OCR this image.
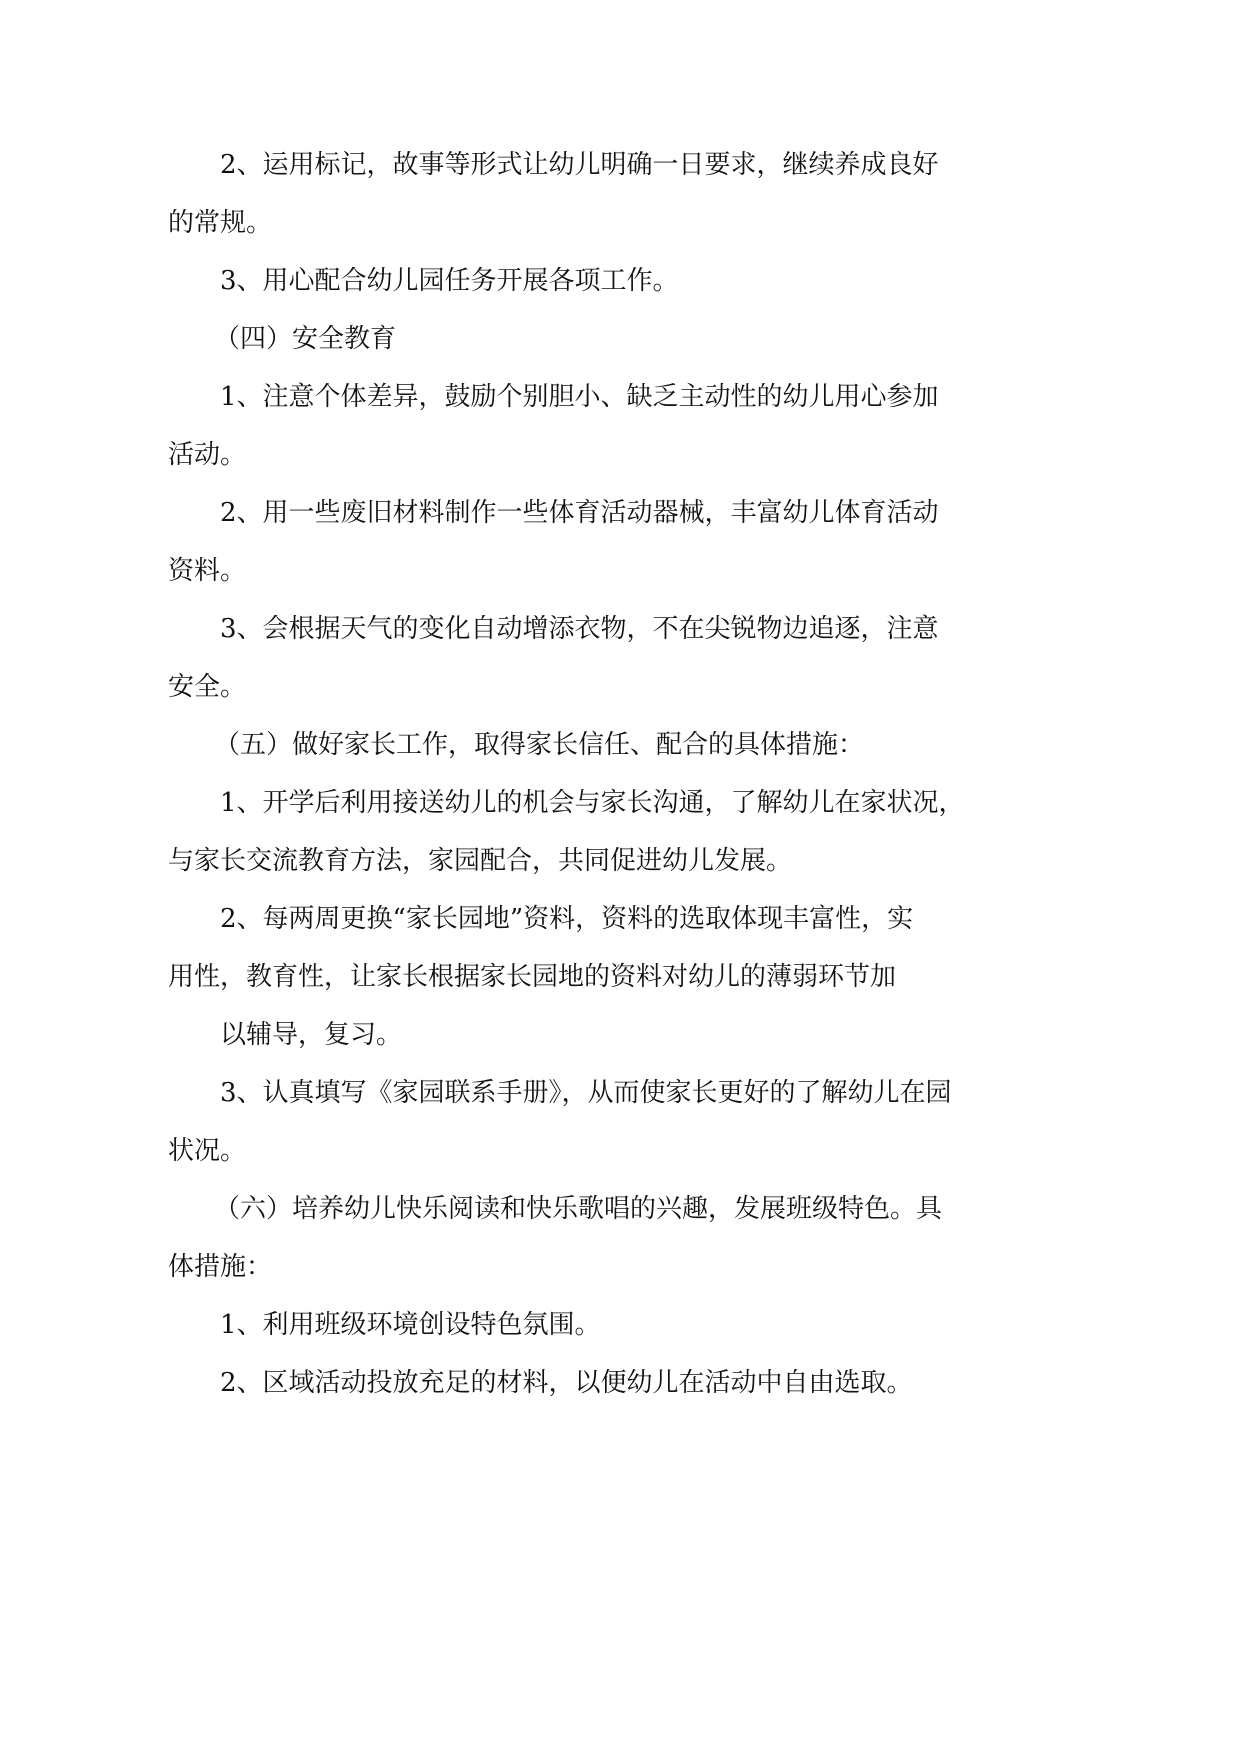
2、运用标记，故事等形式让幼儿明确一日要求，继续养成良好
的常规。
3、用心配合幼儿园任务开展各项工作。
（四）安全教育
1、注意个体差异，鼓励个别胆小、缺乏主动性的幼儿用心参加
活动。
2、用一些废旧材料制作一些体育活动器械，丰富幼儿体育活动
资料。
3、会根据天气的变化自动增添衣物，不在尖锐物边追逐，注意
安全。
（五）做好家长工作，取得家长信任、配合的具体措施：
1、开学后利用接送幼儿的机会与家长沟通，了解幼儿在家状况，
与家长交流教育方法，家园配合，共同促进幼儿发展。
2、每两周更换“家长园地”资料，资料的选取体现丰富性，实
用性，教育性，让家长根据家长园地的资料对幼儿的薄弱环节加
以辅导，复习。
3、认真填写《家园联系手册》，从而使家长更好的了解幼儿在园
状况。
（六）培养幼儿快乐阅读和快乐歌唱的兴趣，发展班级特色。具
体措施：
1、利用班级环境创设特色氛围。
2、区域活动投放充足的材料，以便幼儿在活动中自由选取。
